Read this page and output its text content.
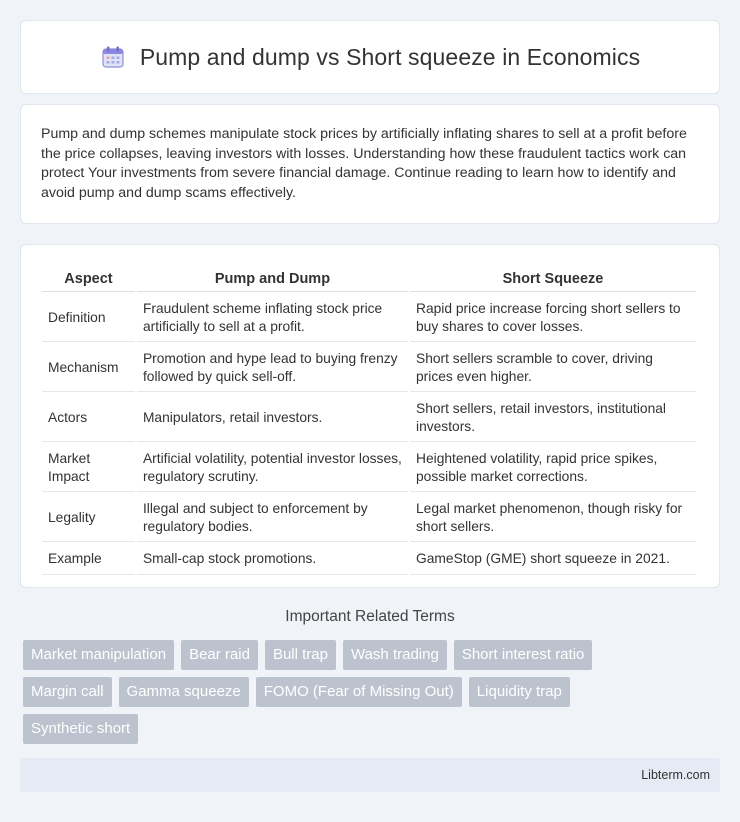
Pump and dump vs Short squeeze in Economics

Pump and dump schemes manipulate stock prices by artificially inflating shares to sell at a profit before the price collapses, leaving investors with losses. Understanding how these fraudulent tactics work can protect Your investments from severe financial damage. Continue reading to learn how to identify and avoid pump and dump scams effectively.

Aspect	Pump and Dump	Short Squeeze
Definition	Fraudulent scheme inflating stock price artificially to sell at a profit.	Rapid price increase forcing short sellers to buy shares to cover losses.
Mechanism	Promotion and hype lead to buying frenzy followed by quick sell-off.	Short sellers scramble to cover, driving prices even higher.
Actors	Manipulators, retail investors.	Short sellers, retail investors, institutional investors.
Market Impact	Artificial volatility, potential investor losses, regulatory scrutiny.	Heightened volatility, rapid price spikes, possible market corrections.
Legality	Illegal and subject to enforcement by regulatory bodies.	Legal market phenomenon, though risky for short sellers.
Example	Small-cap stock promotions.	GameStop (GME) short squeeze in 2021.
Important Related Terms
Market manipulation	Bear raid	Bull trap	Wash trading	Short interest ratio
Margin call	Gamma squeeze	FOMO (Fear of Missing Out)	Liquidity trap
Synthetic short
Libterm.com
